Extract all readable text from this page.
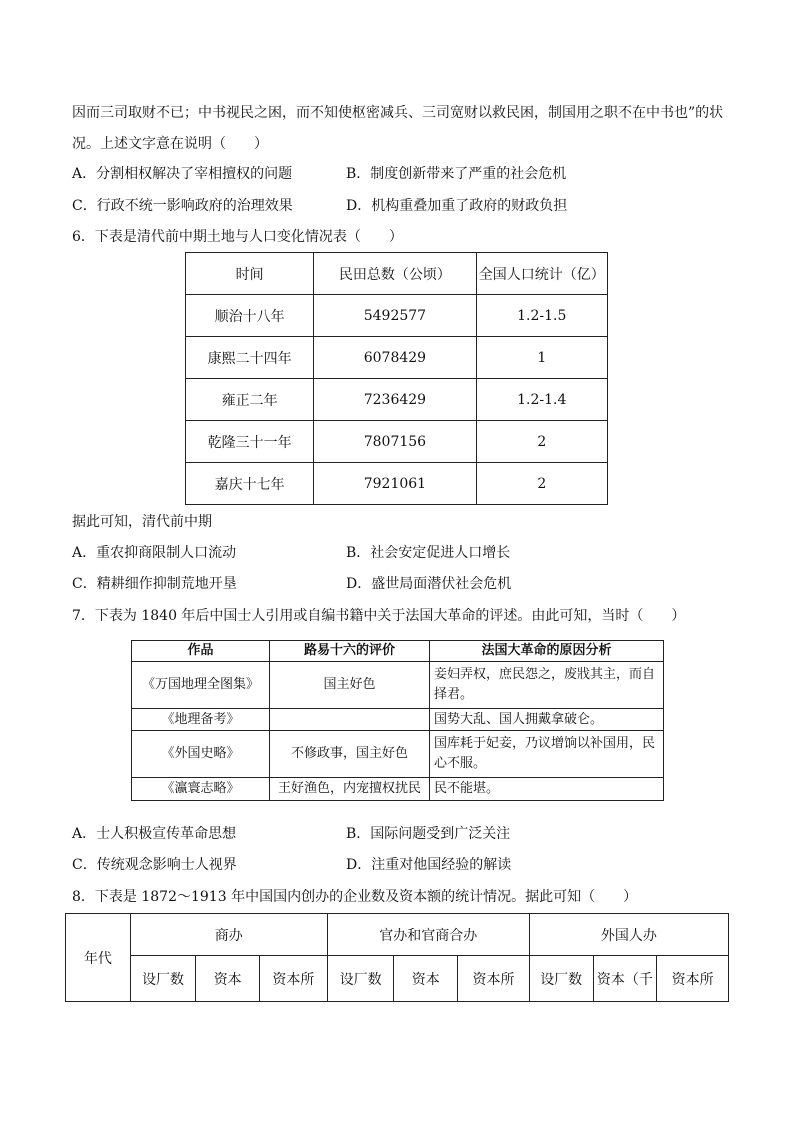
因而三司取财不已；中书视民之困，而不知使枢密减兵、三司宽财以救民困，制国用之职不在中书也”的状
况。上述文字意在说明（　　）
A．分割相权解决了宰相擅权的问题	B．制度创新带来了严重的社会危机
C．行政不统一影响政府的治理效果	D．机构重叠加重了政府的财政负担
6．下表是清代前中期土地与人口变化情况表（　　）
时间	民田总数（公顷）	全国人口统计（亿）
顺治十八年	5492577	1.2-1.5
康熙二十四年	6078429	1
雍正二年	7236429	1.2-1.4
乾隆三十一年	7807156	2
嘉庆十七年	7921061	2
据此可知，清代前中期
A．重农抑商限制人口流动	B．社会安定促进人口增长
C．精耕细作抑制荒地开垦	D．盛世局面潜伏社会危机
7．下表为 1840 年后中国士人引用或自编书籍中关于法国大革命的评述。由此可知，当时（　　）
作品	路易十六的评价	法国大革命的原因分析
《万国地理全图集》	国主好色	妾妇弄权，庶民怨之，废戕其主，而自
择君。

《地理备考》		国势大乱、国人拥戴拿破仑。
《外国史略》	不修政事，国主好色	国库耗于妃妾，乃议增饷以补国用，民
心不服。

《瀛寰志略》	王好渔色，内宠擅权扰民	民不能堪。
A．士人积极宣传革命思想	B．国际问题受到广泛关注
C．传统观念影响士人视界	D．注重对他国经验的解读
8．下表是 1872～1913 年中国国内创办的企业数及资本额的统计情况。据此可知（　　）
年代	商办			官办和官商合办			外国人办		
	设厂数	资本	资本所	设厂数	资本	资本所	设厂数	资本（千	资本所
